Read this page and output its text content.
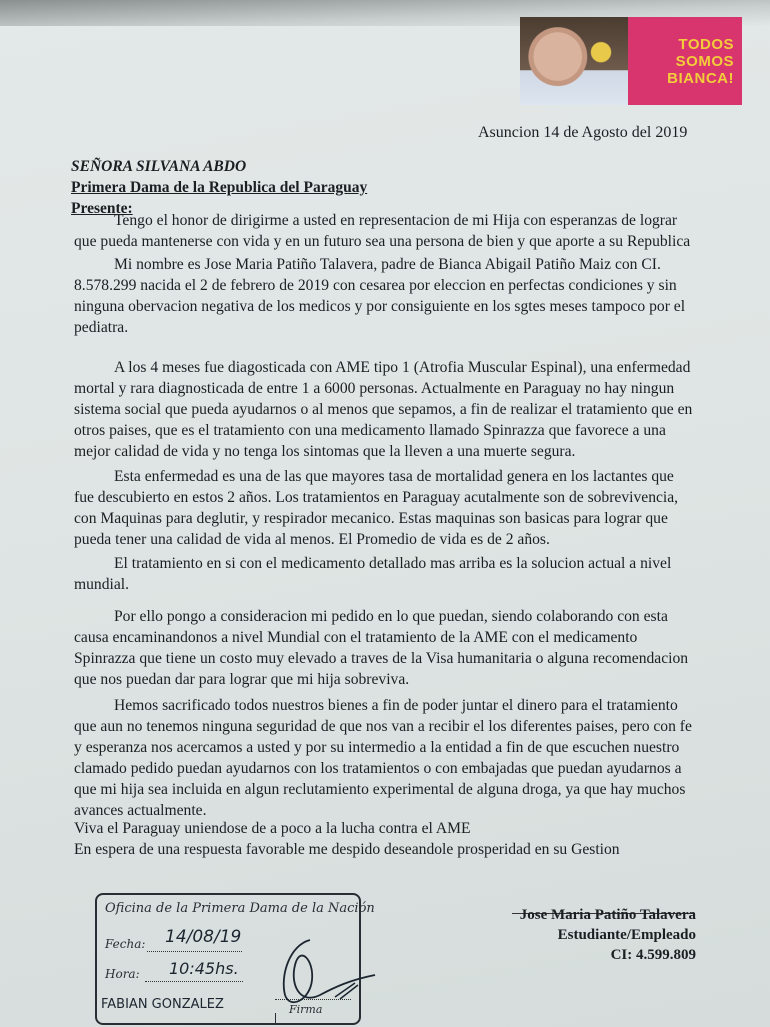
TODOS
SOMOS
BIANCA!
Asuncion 14 de Agosto del 2019
SEÑORA SILVANA ABDO
Primera Dama de la Republica del Paraguay
Presente:
Tengo el honor de dirigirme a usted en representacion de mi Hija con esperanzas de lograr
que pueda mantenerse con vida y en un futuro sea una persona de bien y que aporte a su Republica
Mi nombre es Jose Maria Patiño Talavera, padre de Bianca Abigail Patiño Maiz con CI.
8.578.299 nacida el 2 de febrero de 2019 con cesarea por eleccion en perfectas condiciones y sin
ninguna obervacion negativa de los medicos y por consiguiente en los sgtes meses tampoco por el
pediatra.
A los 4 meses fue diagosticada con AME tipo 1 (Atrofia Muscular Espinal), una enfermedad
mortal y rara diagnosticada de entre 1 a 6000 personas. Actualmente en Paraguay no hay ningun
sistema social que pueda ayudarnos o al menos que sepamos, a fin de realizar el tratamiento que en
otros paises, que es el tratamiento con una medicamento llamado Spinrazza que favorece a una
mejor calidad de vida y no tenga los sintomas que la lleven a una muerte segura.
Esta enfermedad es una de las que mayores tasa de mortalidad genera en los lactantes que
fue descubierto en estos 2 años. Los tratamientos en Paraguay acutalmente son de sobrevivencia,
con Maquinas para deglutir, y respirador mecanico. Estas maquinas son basicas para lograr que
pueda tener una calidad de vida al menos. El Promedio de vida es de 2 años.
El tratamiento en si con el medicamento detallado mas arriba es la solucion actual a nivel
mundial.
Por ello pongo a consideracion mi pedido en lo que puedan, siendo colaborando con esta
causa encaminandonos a nivel Mundial con el tratamiento de la AME con el medicamento
Spinrazza que tiene un costo muy elevado a traves de la Visa humanitaria o alguna recomendacion
que nos puedan dar para lograr que mi hija sobreviva.
Hemos sacrificado todos nuestros bienes a fin de poder juntar el dinero para el tratamiento
que aun no tenemos ninguna seguridad de que nos van a recibir el los diferentes paises, pero con fe
y esperanza nos acercamos a usted y por su intermedio a la entidad a fin de que escuchen nuestro
clamado pedido puedan ayudarnos con los tratamientos o con embajadas que puedan ayudarnos a
que mi hija sea incluida en algun reclutamiento experimental de alguna droga, ya que hay muchos
avances actualmente.
Viva el Paraguay uniendose de a poco a la lucha contra el AME
En espera de una respuesta favorable me despido deseandole prosperidad en su Gestion
Jose Maria Patiño Talavera
Estudiante/Empleado
CI: 4.599.809
Oficina de la Primera Dama de la Nación
Fecha: 14/08/19
Hora: 10:45hs.
FABIAN GONZALEZ	Firma
